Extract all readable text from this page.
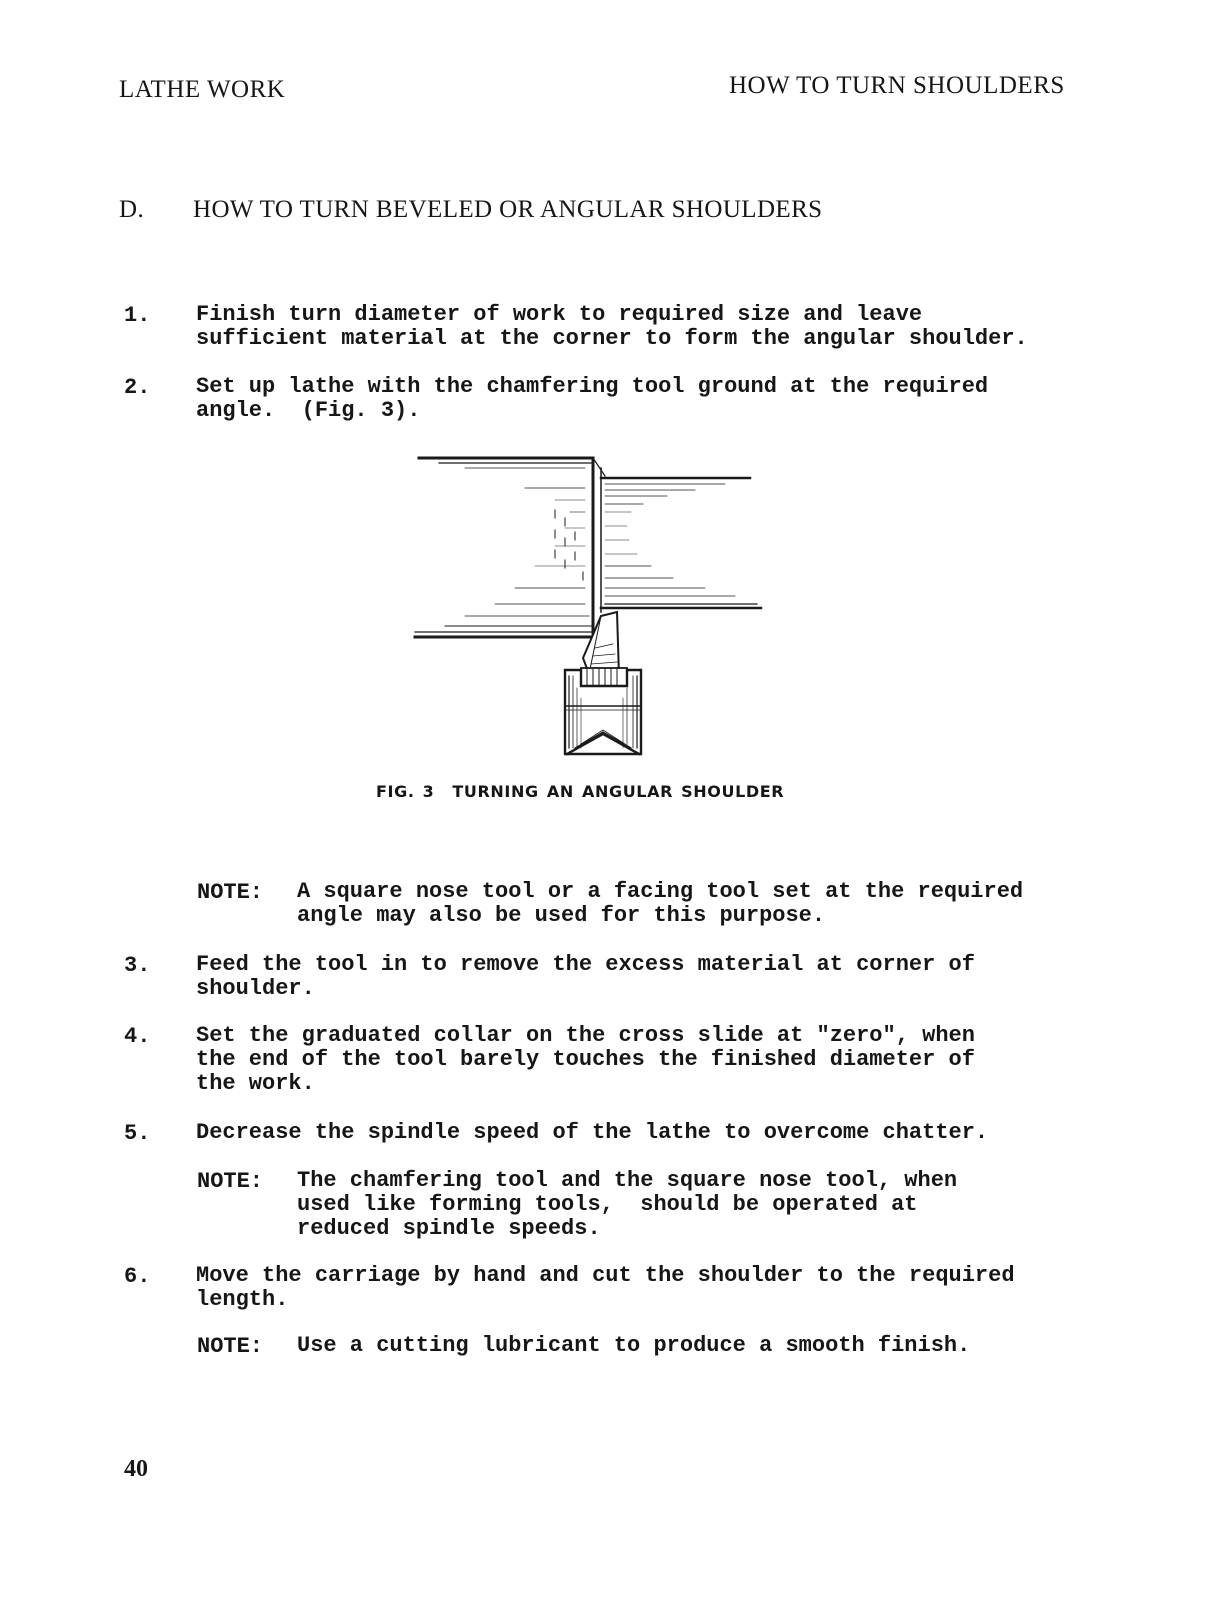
LATHE WORK	HOW TO TURN SHOULDERS
D. HOW TO TURN BEVELED OR ANGULAR SHOULDERS
1. Finish turn diameter of work to required size and leave
sufficient material at the corner to form the angular shoulder.
2. Set up lathe with the chamfering tool ground at the required
angle.  (Fig. 3).
FIG. 3 TURNING AN ANGULAR SHOULDER
NOTE: A square nose tool or a facing tool set at the required
angle may also be used for this purpose.
3. Feed the tool in to remove the excess material at corner of
shoulder.
4. Set the graduated collar on the cross slide at "zero", when
the end of the tool barely touches the finished diameter of
the work.
5. Decrease the spindle speed of the lathe to overcome chatter.
NOTE: The chamfering tool and the square nose tool, when
used like forming tools,  should be operated at
reduced spindle speeds.
6. Move the carriage by hand and cut the shoulder to the required
length.
NOTE: Use a cutting lubricant to produce a smooth finish.
40
